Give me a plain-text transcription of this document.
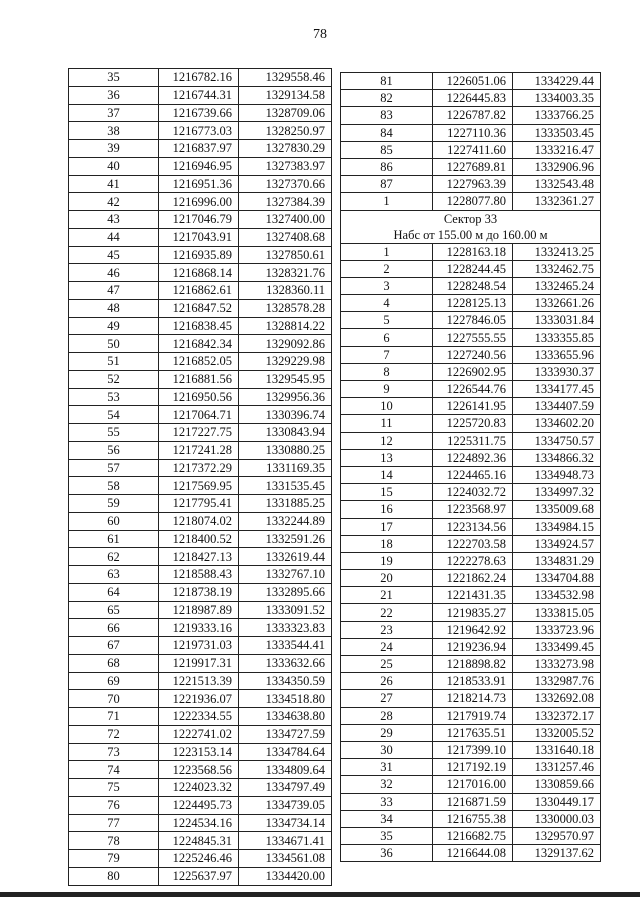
78
35	1216782.16	1329558.46
36	1216744.31	1329134.58
37	1216739.66	1328709.06
38	1216773.03	1328250.97
39	1216837.97	1327830.29
40	1216946.95	1327383.97
41	1216951.36	1327370.66
42	1216996.00	1327384.39
43	1217046.79	1327400.00
44	1217043.91	1327408.68
45	1216935.89	1327850.61
46	1216868.14	1328321.76
47	1216862.61	1328360.11
48	1216847.52	1328578.28
49	1216838.45	1328814.22
50	1216842.34	1329092.86
51	1216852.05	1329229.98
52	1216881.56	1329545.95
53	1216950.56	1329956.36
54	1217064.71	1330396.74
55	1217227.75	1330843.94
56	1217241.28	1330880.25
57	1217372.29	1331169.35
58	1217569.95	1331535.45
59	1217795.41	1331885.25
60	1218074.02	1332244.89
61	1218400.52	1332591.26
62	1218427.13	1332619.44
63	1218588.43	1332767.10
64	1218738.19	1332895.66
65	1218987.89	1333091.52
66	1219333.16	1333323.83
67	1219731.03	1333544.41
68	1219917.31	1333632.66
69	1221513.39	1334350.59
70	1221936.07	1334518.80
71	1222334.55	1334638.80
72	1222741.02	1334727.59
73	1223153.14	1334784.64
74	1223568.56	1334809.64
75	1224023.32	1334797.49
76	1224495.73	1334739.05
77	1224534.16	1334734.14
78	1224845.31	1334671.41
79	1225246.46	1334561.08
80	1225637.97	1334420.00
81	1226051.06	1334229.44
82	1226445.83	1334003.35
83	1226787.82	1333766.25
84	1227110.36	1333503.45
85	1227411.60	1333216.47
86	1227689.81	1332906.96
87	1227963.39	1332543.48
1	1228077.80	1332361.27
Сектор 33		
Набс от 155.00 м до 160.00 м		
1	1228163.18	1332413.25
2	1228244.45	1332462.75
3	1228248.54	1332465.24
4	1228125.13	1332661.26
5	1227846.05	1333031.84
6	1227555.55	1333355.85
7	1227240.56	1333655.96
8	1226902.95	1333930.37
9	1226544.76	1334177.45
10	1226141.95	1334407.59
11	1225720.83	1334602.20
12	1225311.75	1334750.57
13	1224892.36	1334866.32
14	1224465.16	1334948.73
15	1224032.72	1334997.32
16	1223568.97	1335009.68
17	1223134.56	1334984.15
18	1222703.58	1334924.57
19	1222278.63	1334831.29
20	1221862.24	1334704.88
21	1221431.35	1334532.98
22	1219835.27	1333815.05
23	1219642.92	1333723.96
24	1219236.94	1333499.45
25	1218898.82	1333273.98
26	1218533.91	1332987.76
27	1218214.73	1332692.08
28	1217919.74	1332372.17
29	1217635.51	1332005.52
30	1217399.10	1331640.18
31	1217192.19	1331257.46
32	1217016.00	1330859.66
33	1216871.59	1330449.17
34	1216755.38	1330000.03
35	1216682.75	1329570.97
36	1216644.08	1329137.62
